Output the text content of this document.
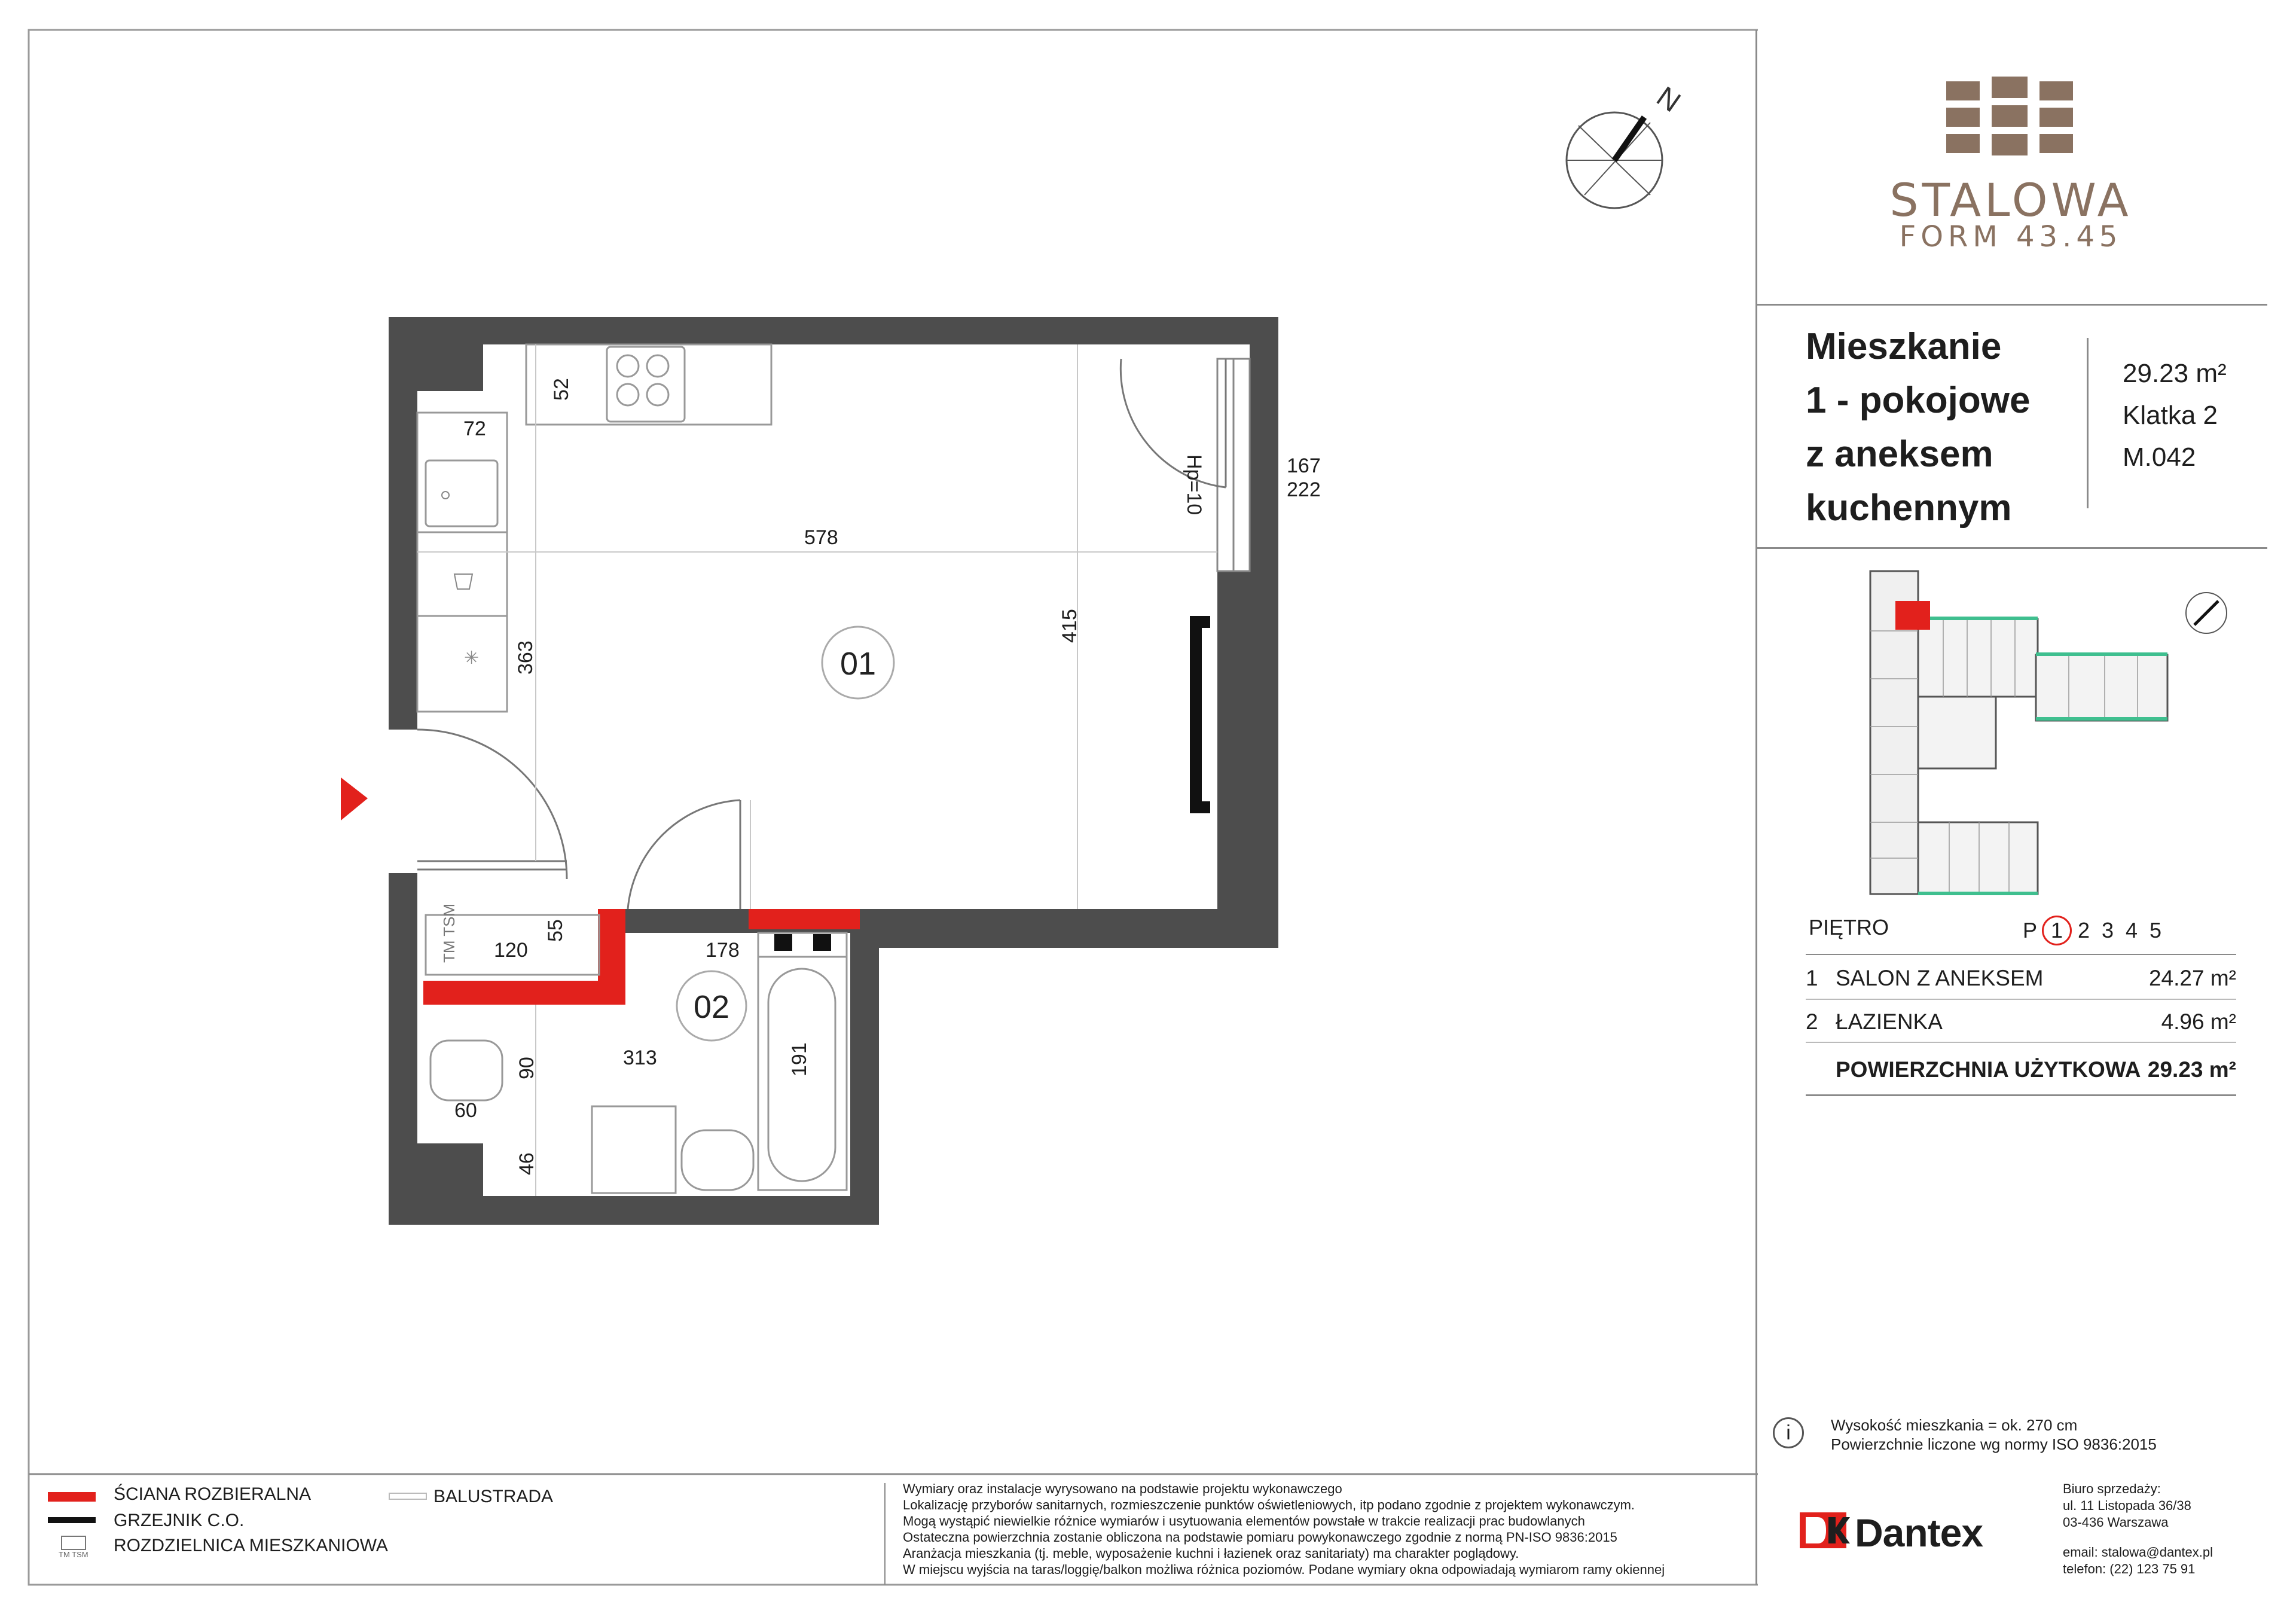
N
✳
TM TSM
01
02
52
72
578
363
415
167
222
Hp=10
120
55
178
90	313	191
60
46
STALOWA
FORM 43.45
Mieszkanie
1 - pokojowe
z aneksem
kuchennym
29.23 m²
Klatka 2
M.042
PIĘTRO	P 1 2 3 4 5
1 SALON Z ANEKSEM	24.27 m²
2 ŁAZIENKA	4.96 m²
POWIERZCHNIA UŻYTKOWA 29.23 m²
i	Wysokość mieszkania = ok. 270 cm
Powierzchnie liczone wg normy ISO 9836:2015
ŚCIANA ROZBIERALNA
GRZEJNIK C.O.
TM TSM ROZDZIELNICA MIESZKANIOWA
BALUSTRADA	Wymiary oraz instalacje wyrysowano na podstawie projektu wykonawczego
Lokalizację przyborów sanitarnych, rozmieszczenie punktów oświetleniowych, itp podano zgodnie z projektem wykonawczym.
Mogą wystąpić niewielkie różnice wymiarów i usytuowania elementów powstałe w trakcie realizacji prac budowlanych
Ostateczna powierzchnia zostanie obliczona na podstawie pomiaru powykonawczego zgodnie z normą PN-ISO 9836:2015
Aranżacja mieszkania (tj. meble, wyposażenie kuchni i łazienek oraz sanitariaty) ma charakter poglądowy.
W miejscu wyjścia na taras/loggię/balkon możliwa różnica poziomów. Podane wymiary okna odpowiadają wymiarom ramy okiennej
Dantex
Biuro sprzedaży:
ul. 11 Listopada 36/38
03-436 Warszawa
email: stalowa@dantex.pl
telefon: (22) 123 75 91
